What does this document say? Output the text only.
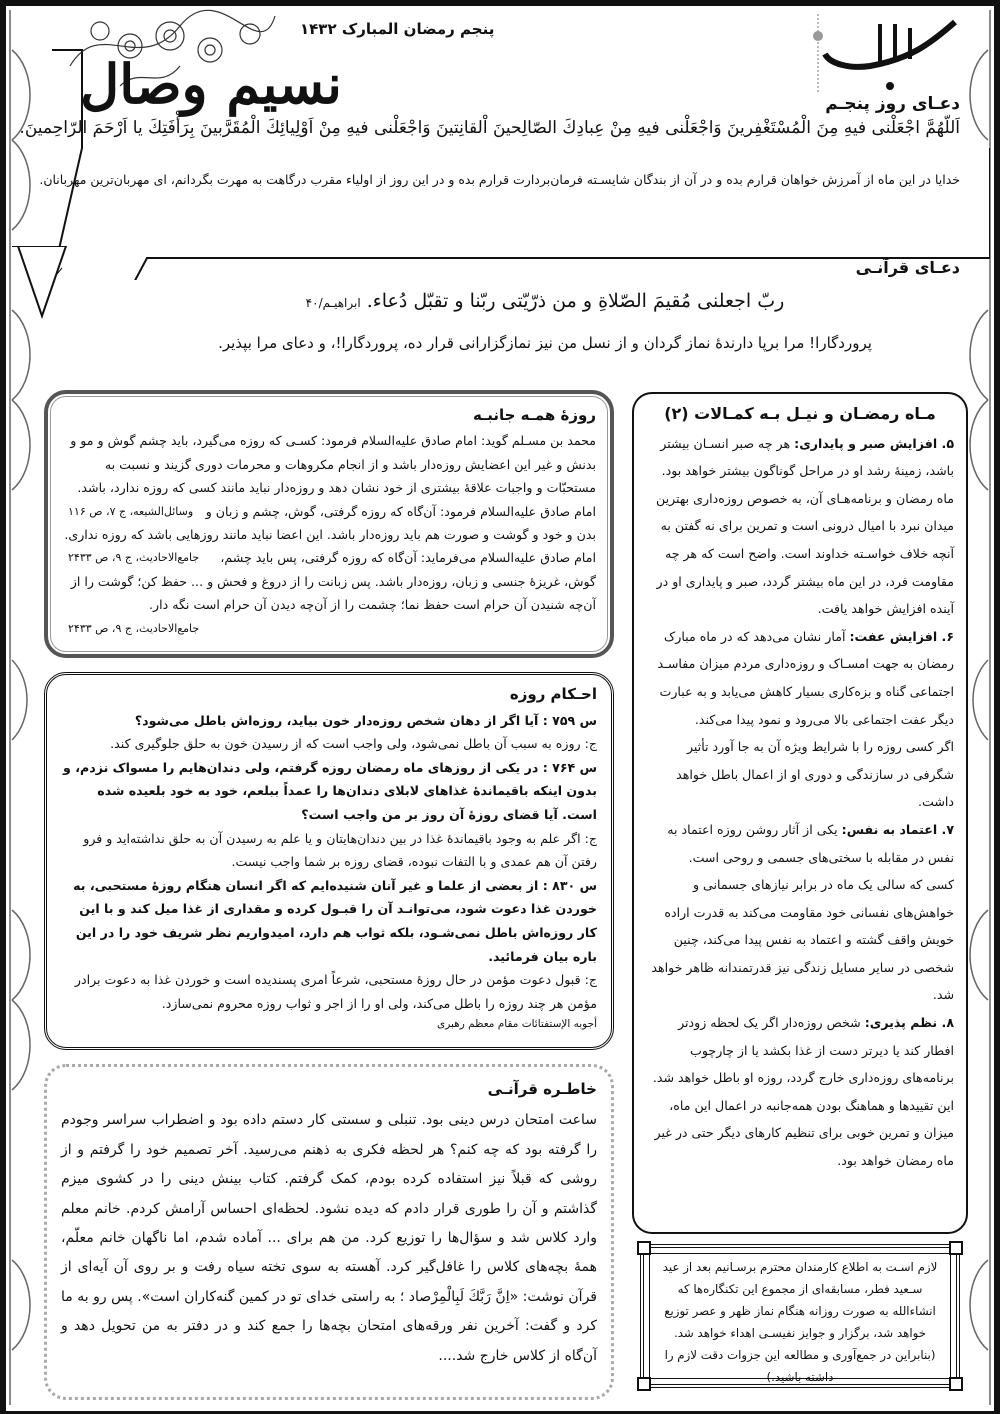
پنجم رمضان المبارک ۱۴۳۲
نسیم وصال	دعـای روز پنجـم
اَللّهُمَّ اجْعَلْنى فيهِ مِنَ الْمُسْتَغْفِرينَ وَاجْعَلْنى فيهِ مِنْ عِبادِكَ الصّالِحينَ اْلقانِتينَ وَاجْعَلْنى فيهِ مِنْ اَوْلِيائِكَ الْمُقَرَّبينَ بِرَأْفَتِكَ يا اَرْحَمَ الرّاحِمينَ.
خدایا در این ماه از آمرزش خواهان قرارم بده و در آن از بندگان شایسـته فرمان‌بردارت قرارم بده و در این روز از اولیاء مقرب درگاهت به مهرت بگردانم، ای مهربان‌ترین مهربانان.
دعـای قرآنـی
ربّ اجعلنی مُقیمَ الصّلاةِ و من ذرّیّتی ربّنا و تقبّل دُعاء. ابراهیـم/۴۰
پروردگارا! مرا برپا دارندۀ نماز گردان و از نسل من نیز نمازگزارانی قرار ده، پروردگارا!، و دعای مرا بپذیر.
روزۀ همـه جانبـه

محمد بن مسـلم گوید: امام صادق علیه‌السلام فرمود: کسـی که روزه می‌گیرد، باید چشم گوش و مو و بدنش و غیر این اعضایش روزه‌دار باشد و از انجام مکروهات و محرمات دوری گزیند و نسبت به مستحبّات و واجبات علاقۀ بیشتری از خود نشان دهد و روزه‌دار نباید مانند کسی که روزه ندارد، باشد.
وسائل‌الشیعه، ج ۷، ص ۱۱۶ امام صادق علیه‌السلام فرمود: آن‌گاه که روزه گرفتی، گوش، چشم و زبان و بدن و خود و گوشت و صورت هم باید روزه‌دار باشد. این اعضا نباید مانند روزهایی باشد که روزه نداری.
جامع‌الاحادیث، ج ۹، ص ۲۴۳۳	امام صادق علیه‌السلام می‌فرماید: آن‌گاه که روزه گرفتی، پس باید چشم، گوش، غریزۀ جنسی و زبان، روزه‌دار باشد. پس زبانت را از دروغ و فحش و ... حفظ کن؛ گوشت را از آن‌چه شنیدن آن حرام است حفظ نما؛ چشمت را از آن‌چه دیدن آن حرام است نگه دار.
جامع‌الاحادیث، ج ۹، ص ۲۴۳۳

احـکام روزه

س ۷۵۹ : آیا اگر از دهان شخص روزه‌دار خون بیاید، روزه‌اش باطل می‌شود؟

ج: روزه به سبب آن باطل نمی‌شود، ولی واجب است که از رسیدن خون به حلق جلوگیری کند.

س ۷۶۴ : در یکی از روزهای ماه رمضان روزه گرفتم، ولی دندان‌هایم را مسواک نزدم، و بدون اینکه باقیماندۀ غذاهای لابلای دندان‌ها را عمداً ببلعم، خود به خود بلعیده شده است. آیا قضای روزۀ آن روز بر من واجب است؟

ج: اگر علم به وجود باقیماندۀ غذا در بین دندان‌هایتان و یا علم به رسیدن آن به حلق نداشته‌اید و فرو رفتن آن هم عمدی و با التفات نبوده، قضای روزه بر شما واجب نیست.

س ۸۳۰ : از بعضی از علما و غیر آنان شنیده‌ایم که اگر انسان هنگام روزۀ مستحبی، به خوردن غذا دعوت شود، می‌توانـد آن را قبـول کرده و مقداری از غذا میل کند و با این کار روزه‌اش باطل نمی‌شـود، بلکه ثواب هم دارد، امیدواریم نظر شریف خود را در این باره بیان فرمائید.

ج: قبول دعوت مؤمن در حال روزۀ مستحبی، شرعاً امری پسندیده است و خوردن غذا به دعوت برادر مؤمن هر چند روزه را باطل می‌کند، ولی او را از اجر و ثواب روزه محروم نمی‌سازد.

أجوبه الإستفتائات مقام معظم رهبری

خاطـره قرآنـی

ساعت امتحان درس دینی بود. تنبلی و سستی کار دستم داده بود و اضطراب سراسر وجودم را گرفته بود که چه کنم؟ هر لحظه فکری به ذهنم می‌رسید. آخر تصمیم خود را گرفتم و از روشی که قبلاً نیز استفاده کرده بودم، کمک گرفتم. کتاب بینش دینی را در کشوی میزم گذاشتم و آن را طوری قرار دادم که دیده نشود. لحظه‌ای احساس آرامش کردم. خانم معلم وارد کلاس شد و سؤال‌ها را توزیع کرد. من هم برای ... آماده شدم، اما ناگهان خانم معلّم، همۀ بچه‌های کلاس را غافل‌گیر کرد. آهسته به سوی تخته سیاه رفت و بر روی آن آیه‌ای از قرآن نوشت: «اِنَّ رَبَّكَ لَبِالْمِرْصاد ؛ به راستی خدای تو در کمین گنه‌کاران است». پس رو به ما کرد و گفت: آخرین نفر ورقه‌های امتحان بچه‌ها را جمع کند و در دفتر به من تحویل دهد و آن‌گاه از کلاس خارج شد....

مـاه رمضـان و نیـل بـه کمـالات (۲)

۵. افزایش صبر و پایداری: هر چه صبر انسـان بیشتر باشد، زمینۀ رشد او در مراحل گوناگون بیشتر خواهد بود.

ماه رمضان و برنامه‌هـای آن، به خصوص روزه‌داری بهترین میدان نبرد با امیال درونی است و تمرین برای نه گفتن به آنچه خلاف خواسـته خداوند است. واضح است که هر چه مقاومت فرد، در این ماه بیشتر گردد، صبر و پایداری او در آینده افزایش خواهد یافت.

۶. افزایش عفت: آمار نشان می‌دهد که در ماه مبارک رمضان به جهت امسـاک و روزه‌داری مردم میزان مفاسـد اجتماعی گناه و بزه‌کاری بسیار کاهش می‌یابد و به عبارت دیگر عفت اجتماعی بالا می‌رود و نمود پیدا می‌کند.

اگر کسی روزه را با شرایط ویژه آن به جا آورد تأثیر شگرفی در سازندگی و دوری او از اعمال باطل خواهد داشت.

۷. اعتماد به نفس: یکی از آثار روشن روزه اعتماد به نفس در مقابله با سختی‌های جسمی و روحی است.

کسی که سالی یک ماه در برابر نیازهای جسمانی و خواهش‌های نفسانی خود مقاومت می‌کند به قدرت اراده خویش واقف گشته و اعتماد به نفس پیدا می‌کند، چنین شخصی در سایر مسایل زندگی نیز قدرتمندانه ظاهر خواهد شد.

۸. نظم پذیری: شخص روزه‌دار اگر یک لحظه زودتر افطار کند یا دیرتر دست از غذا بکشد یا از چارچوب برنامه‌های روزه‌داری خارج گردد، روزه او باطل خواهد شد. این تقییدها و هماهنگ بودن همه‌جانبه در اعمال این ماه، میزان و تمرین خوبی برای تنظیم کارهای دیگر حتی در غیر ماه رمضان خواهد بود.

لازم اسـت به اطلاع کارمندان محترم برسـانیم بعد از عید سـعید فطر، مسابقه‌ای از مجموع این تکنگاره‌ها که انشاءالله به صورت روزانه هنگام نماز ظهر و عصر توزیع خواهد شد، برگزار و جوایز نفیسـی اهداء خواهد شد. (بنابراین در جمع‌آوری و مطالعه این جزوات دقت لازم را داشته باشید.)
